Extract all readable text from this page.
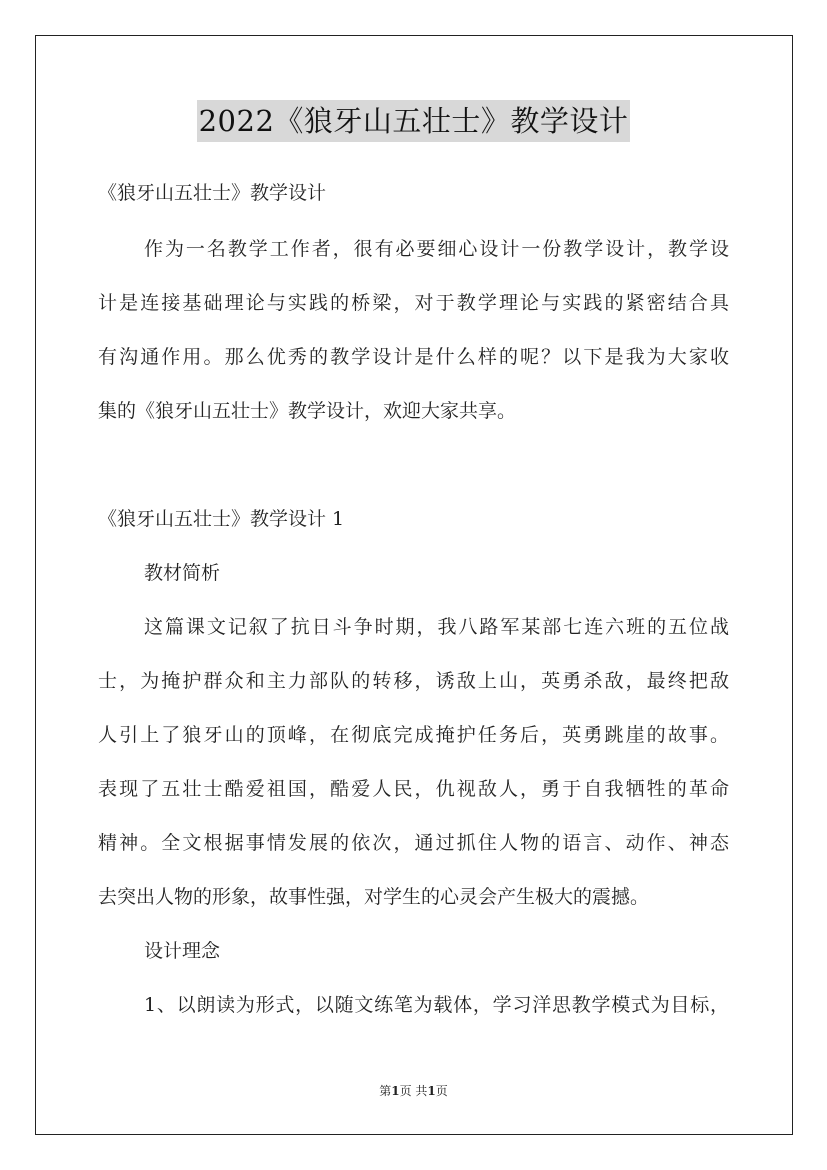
2022《狼牙山五壮士》教学设计
《狼牙山五壮士》教学设计
作为一名教学工作者，很有必要细心设计一份教学设计，教学设
计是连接基础理论与实践的桥梁，对于教学理论与实践的紧密结合具
有沟通作用。那么优秀的教学设计是什么样的呢？以下是我为大家收
集的《狼牙山五壮士》教学设计，欢迎大家共享。
《狼牙山五壮士》教学设计 1
教材简析
这篇课文记叙了抗日斗争时期，我八路军某部七连六班的五位战
士，为掩护群众和主力部队的转移，诱敌上山，英勇杀敌，最终把敌
人引上了狼牙山的顶峰，在彻底完成掩护任务后，英勇跳崖的故事。
表现了五壮士酷爱祖国，酷爱人民，仇视敌人，勇于自我牺牲的革命
精神。全文根据事情发展的依次，通过抓住人物的语言、动作、神态
去突出人物的形象，故事性强，对学生的心灵会产生极大的震撼。
设计理念
1、以朗读为形式，以随文练笔为载体，学习洋思教学模式为目标，
第1页 共1页
